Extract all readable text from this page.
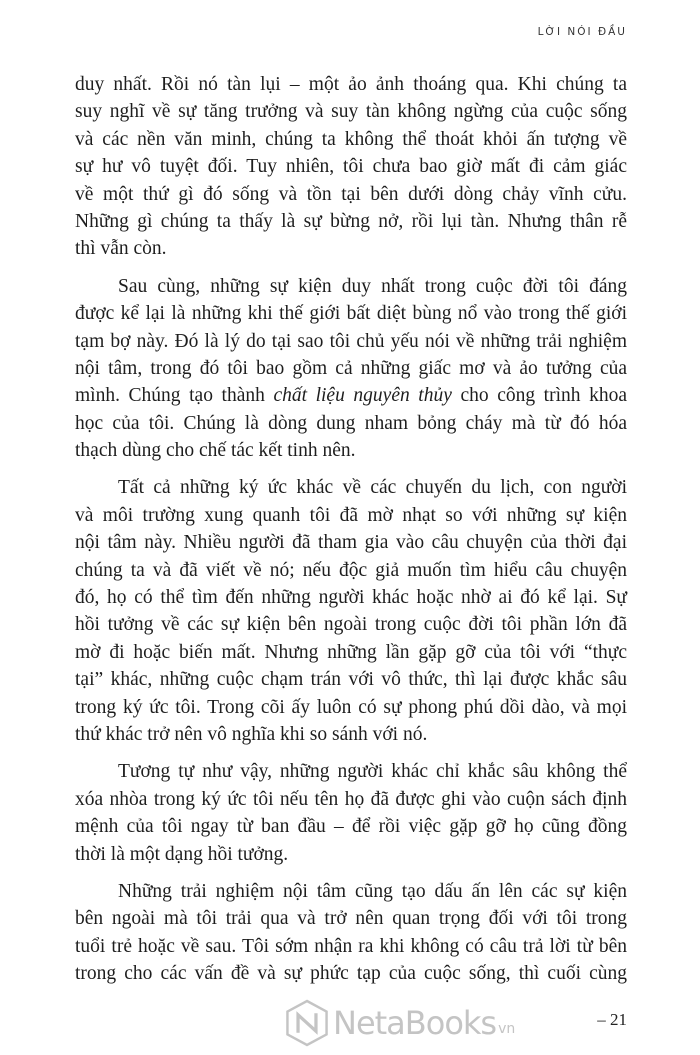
LỜI NÓI ĐẦU
duy nhất. Rồi nó tàn lụi – một ảo ảnh thoáng qua. Khi chúng ta
suy nghĩ về sự tăng trưởng và suy tàn không ngừng của cuộc sống
và các nền văn minh, chúng ta không thể thoát khỏi ấn tượng về
sự hư vô tuyệt đối. Tuy nhiên, tôi chưa bao giờ mất đi cảm giác
về một thứ gì đó sống và tồn tại bên dưới dòng chảy vĩnh cửu.
Những gì chúng ta thấy là sự bừng nở, rồi lụi tàn. Nhưng thân rễ
thì vẫn còn.
Sau cùng, những sự kiện duy nhất trong cuộc đời tôi đáng
được kể lại là những khi thế giới bất diệt bùng nổ vào trong thế giới
tạm bợ này. Đó là lý do tại sao tôi chủ yếu nói về những trải nghiệm
nội tâm, trong đó tôi bao gồm cả những giấc mơ và ảo tưởng của
mình. Chúng tạo thành chất liệu nguyên thủy cho công trình khoa
học của tôi. Chúng là dòng dung nham bỏng cháy mà từ đó hóa
thạch dùng cho chế tác kết tinh nên.
Tất cả những ký ức khác về các chuyến du lịch, con người
và môi trường xung quanh tôi đã mờ nhạt so với những sự kiện
nội tâm này. Nhiều người đã tham gia vào câu chuyện của thời đại
chúng ta và đã viết về nó; nếu độc giả muốn tìm hiểu câu chuyện
đó, họ có thể tìm đến những người khác hoặc nhờ ai đó kể lại. Sự
hồi tưởng về các sự kiện bên ngoài trong cuộc đời tôi phần lớn đã
mờ đi hoặc biến mất. Nhưng những lần gặp gỡ của tôi với “thực
tại” khác, những cuộc chạm trán với vô thức, thì lại được khắc sâu
trong ký ức tôi. Trong cõi ấy luôn có sự phong phú dồi dào, và mọi
thứ khác trở nên vô nghĩa khi so sánh với nó.
Tương tự như vậy, những người khác chỉ khắc sâu không thể
xóa nhòa trong ký ức tôi nếu tên họ đã được ghi vào cuộn sách định
mệnh của tôi ngay từ ban đầu – để rồi việc gặp gỡ họ cũng đồng
thời là một dạng hồi tưởng.
Những trải nghiệm nội tâm cũng tạo dấu ấn lên các sự kiện
bên ngoài mà tôi trải qua và trở nên quan trọng đối với tôi trong
tuổi trẻ hoặc về sau. Tôi sớm nhận ra khi không có câu trả lời từ bên
trong cho các vấn đề và sự phức tạp của cuộc sống, thì cuối cùng
NetaBooks vn	– 21
